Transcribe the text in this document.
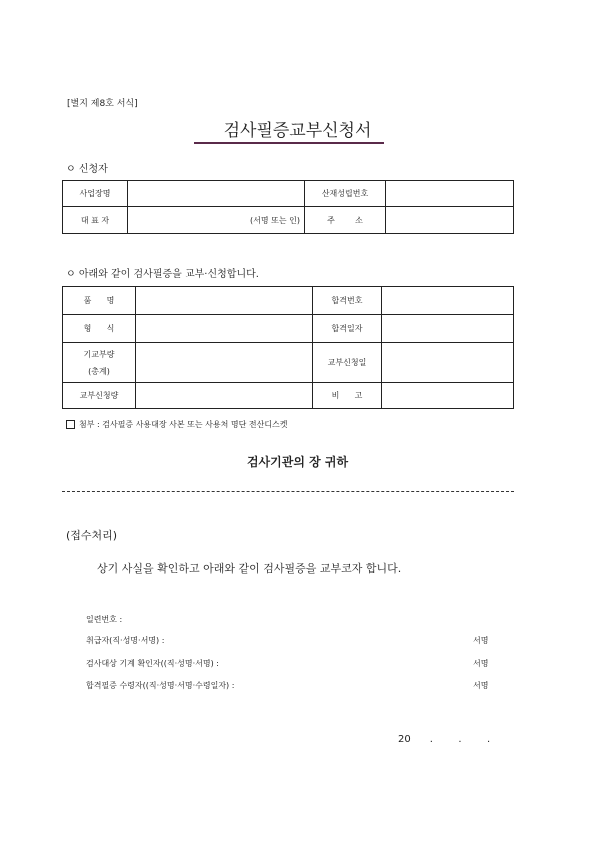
[별지 제8호 서식]
검사필증교부신청서
ㅇ 신청자
사업장명		산재성립번호	
대 표 자	(서명 또는 인)	주        소	
ㅇ 아래와 같이 검사필증을 교부·신청합니다.
품      명		합격번호	
형      식		합격일자	

기교부량
(총계)		교부신청일	
교부신청량		비      고	
첨부 : 검사필증 사용대장 사본 또는 사용처 명단 전산디스켓
검사기관의 장 귀하
(접수처리)
상기 사실을 확인하고 아래와 같이 검사필증을 교부코자 합니다.
일련번호 :
취급자(직·성명·서명) :	서명
검사대상 기계 확인자((직·성명·서명) :	서명
합격필증 수령자((직·성명·서명·수령일자) :	서명
20      .        .        .
